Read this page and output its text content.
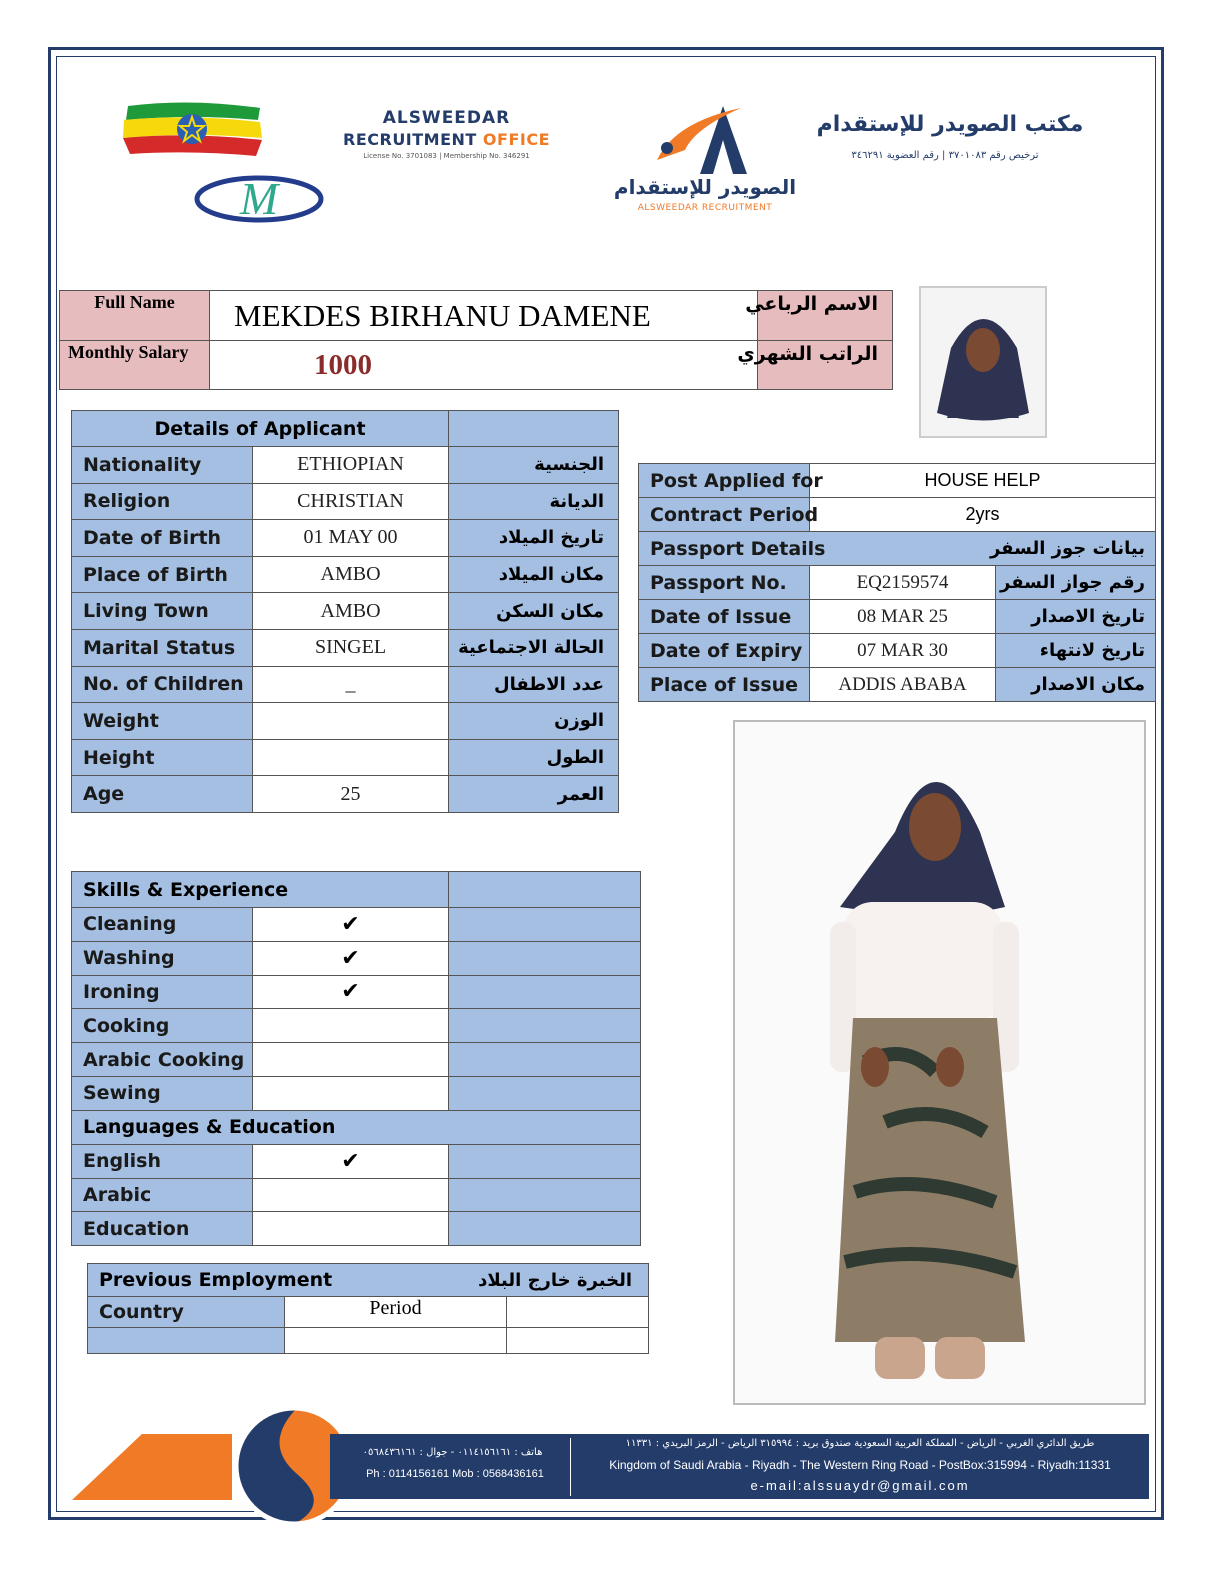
M
ALSWEEDAR
RECRUITMENT OFFICE
License No. 3701083 | Membership No. 346291
الصويدر للإستقدام
ALSWEEDAR RECRUITMENT
مكتب الصويدر للإستقدام
ترخيص رقم ٣٧٠١٠٨٣ | رقم العضوية ٣٤٦٢٩١
Full Name	MEKDES BIRHANU DAMENE	الاسم الرباعي
Monthly Salary	1000	الراتب الشهري
Details of Applicant		
Nationality	ETHIOPIAN	الجنسية
Religion	CHRISTIAN	الديانة
Date of Birth	01 MAY 00	تاريخ الميلاد
Place of Birth	AMBO	مكان الميلاد
Living Town	AMBO	مكان السكن
Marital Status	SINGEL	الحالة الاجتماعية
No. of Children	_	عدد الاطفال
Weight		الوزن
Height		الطول
Age	25	العمر
Post Applied for	HOUSE HELP	
Contract Period	2yrs	
Passport Details		بيانات جوز السفر
Passport No.	EQ2159574	رقم جواز السفر
Date of Issue	08 MAR 25	تاريخ الاصدار
Date of Expiry	07 MAR 30	تاريخ لانتهاء
Place of Issue	ADDIS ABABA	مكان الاصدار
Skills & Experience		
Cleaning	✔	
Washing	✔	
Ironing	✔	
Cooking		
Arabic Cooking		
Sewing		
Languages & Education		
English	✔	
Arabic		
Education		
Previous Employment		الخبرة خارج البلاد
Country	Period	

هاتف : ٠١١٤١٥٦١٦١ - جوال : ٠٥٦٨٤٣٦١٦١
Ph : 0114156161 Mob : 0568436161
طريق الدائري الغربي - الرياض - المملكة العربية السعودية صندوق بريد : ٣١٥٩٩٤ الرياض - الرمز البريدي : ١١٣٣١
Kingdom of Saudi Arabia - Riyadh - The Western Ring Road - PostBox:315994 - Riyadh:11331
e-mail:alssuaydr@gmail.com
